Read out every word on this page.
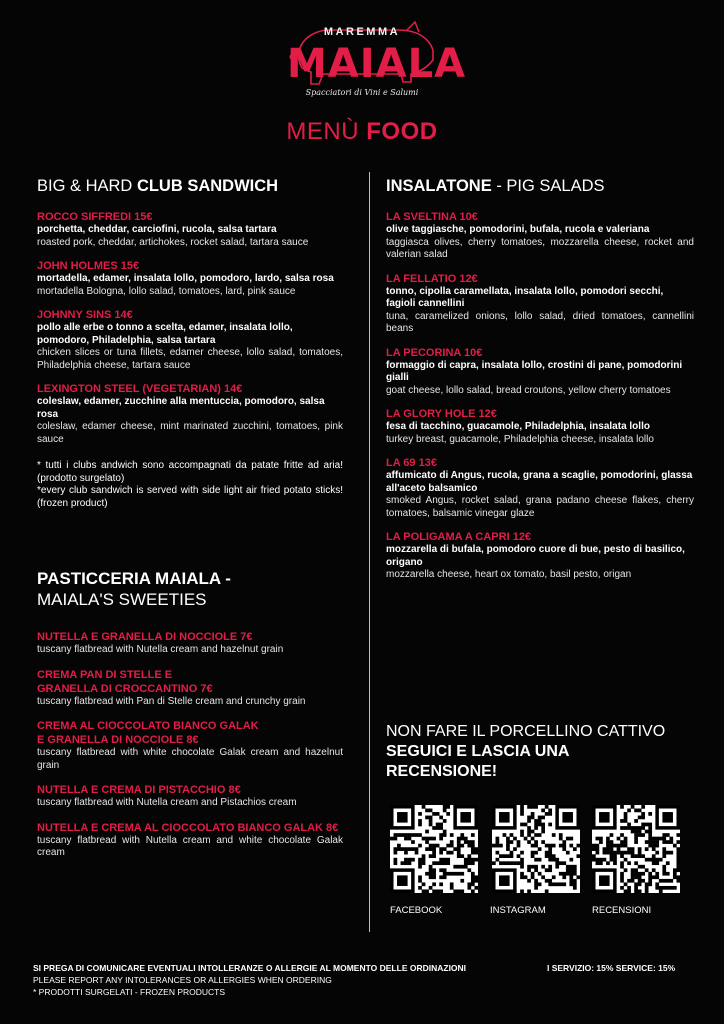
MAREMMA
MAIALA
Spacciatori di Vini e Salumi
MENÙ FOOD
BIG & HARD CLUB SANDWICH
ROCCO SIFFREDI 15€
porchetta, cheddar, carciofini, rucola, salsa tartara
roasted pork, cheddar, artichokes, rocket salad, tartara sauce
JOHN HOLMES 15€
mortadella, edamer, insalata lollo, pomodoro, lardo, salsa rosa
mortadella Bologna, lollo salad, tomatoes, lard, pink sauce
JOHNNY SINS 14€
pollo alle erbe o tonno a scelta, edamer, insalata lollo, pomodoro, Philadelphia, salsa tartara
chicken slices or tuna fillets, edamer cheese, lollo salad, tomatoes, Philadelphia cheese, tartara sauce
LEXINGTON STEEL (VEGETARIAN) 14€
coleslaw, edamer, zucchine alla mentuccia, pomodoro, salsa rosa
coleslaw, edamer cheese, mint marinated zucchini, tomatoes, pink sauce
* tutti i clubs andwich sono accompagnati da patate fritte ad aria! (prodotto surgelato)
*every club sandwich is served with side light air fried potato sticks! (frozen product)
PASTICCERIA MAIALA -
MAIALA'S SWEETIES
NUTELLA E GRANELLA DI NOCCIOLE 7€
tuscany flatbread with Nutella cream and hazelnut grain
CREMA PAN DI STELLE E
GRANELLA DI CROCCANTINO 7€
tuscany flatbread with Pan di Stelle cream and crunchy grain
CREMA AL CIOCCOLATO BIANCO GALAK
E GRANELLA DI NOCCIOLE 8€
tuscany flatbread with white chocolate Galak cream and hazelnut grain
NUTELLA E CREMA DI PISTACCHIO 8€
tuscany flatbread with Nutella cream and Pistachios cream
NUTELLA E CREMA AL CIOCCOLATO BIANCO GALAK 8€
tuscany flatbread with Nutella cream and white chocolate Galak cream
INSALATONE - PIG SALADS
LA SVELTINA 10€
olive taggiasche, pomodorini, bufala, rucola e valeriana
taggiasca olives, cherry tomatoes, mozzarella cheese, rocket and valerian salad
LA FELLATIO 12€
tonno, cipolla caramellata, insalata lollo, pomodori secchi, fagioli cannellini
tuna, caramelized onions, lollo salad, dried tomatoes, cannellini beans
LA PECORINA 10€
formaggio di capra, insalata lollo, crostini di pane, pomodorini gialli
goat cheese, lollo salad, bread croutons, yellow cherry tomatoes
LA GLORY HOLE 12€
fesa di tacchino, guacamole, Philadelphia, insalata lollo
turkey breast, guacamole, Philadelphia cheese, insalata lollo
LA 69 13€
affumicato di Angus, rucola, grana a scaglie, pomodorini, glassa all'aceto balsamico
smoked Angus, rocket salad, grana padano cheese flakes, cherry tomatoes, balsamic vinegar glaze
LA POLIGAMA A CAPRI 12€
mozzarella di bufala, pomodoro cuore di bue, pesto di basilico, origano
mozzarella cheese, heart ox tomato, basil pesto, origan
NON FARE IL PORCELLINO CATTIVO
SEGUICI E LASCIA UNA
RECENSIONE!
FACEBOOK	INSTAGRAM	RECENSIONI
SI PREGA DI COMUNICARE EVENTUALI INTOLLERANZE O ALLERGIE AL MOMENTO DELLE ORDINAZIONI
PLEASE REPORT ANY INTOLERANCES OR ALLERGIES WHEN ORDERING
* PRODOTTI SURGELATI - FROZEN PRODUCTS
I SERVIZIO: 15% SERVICE: 15%
